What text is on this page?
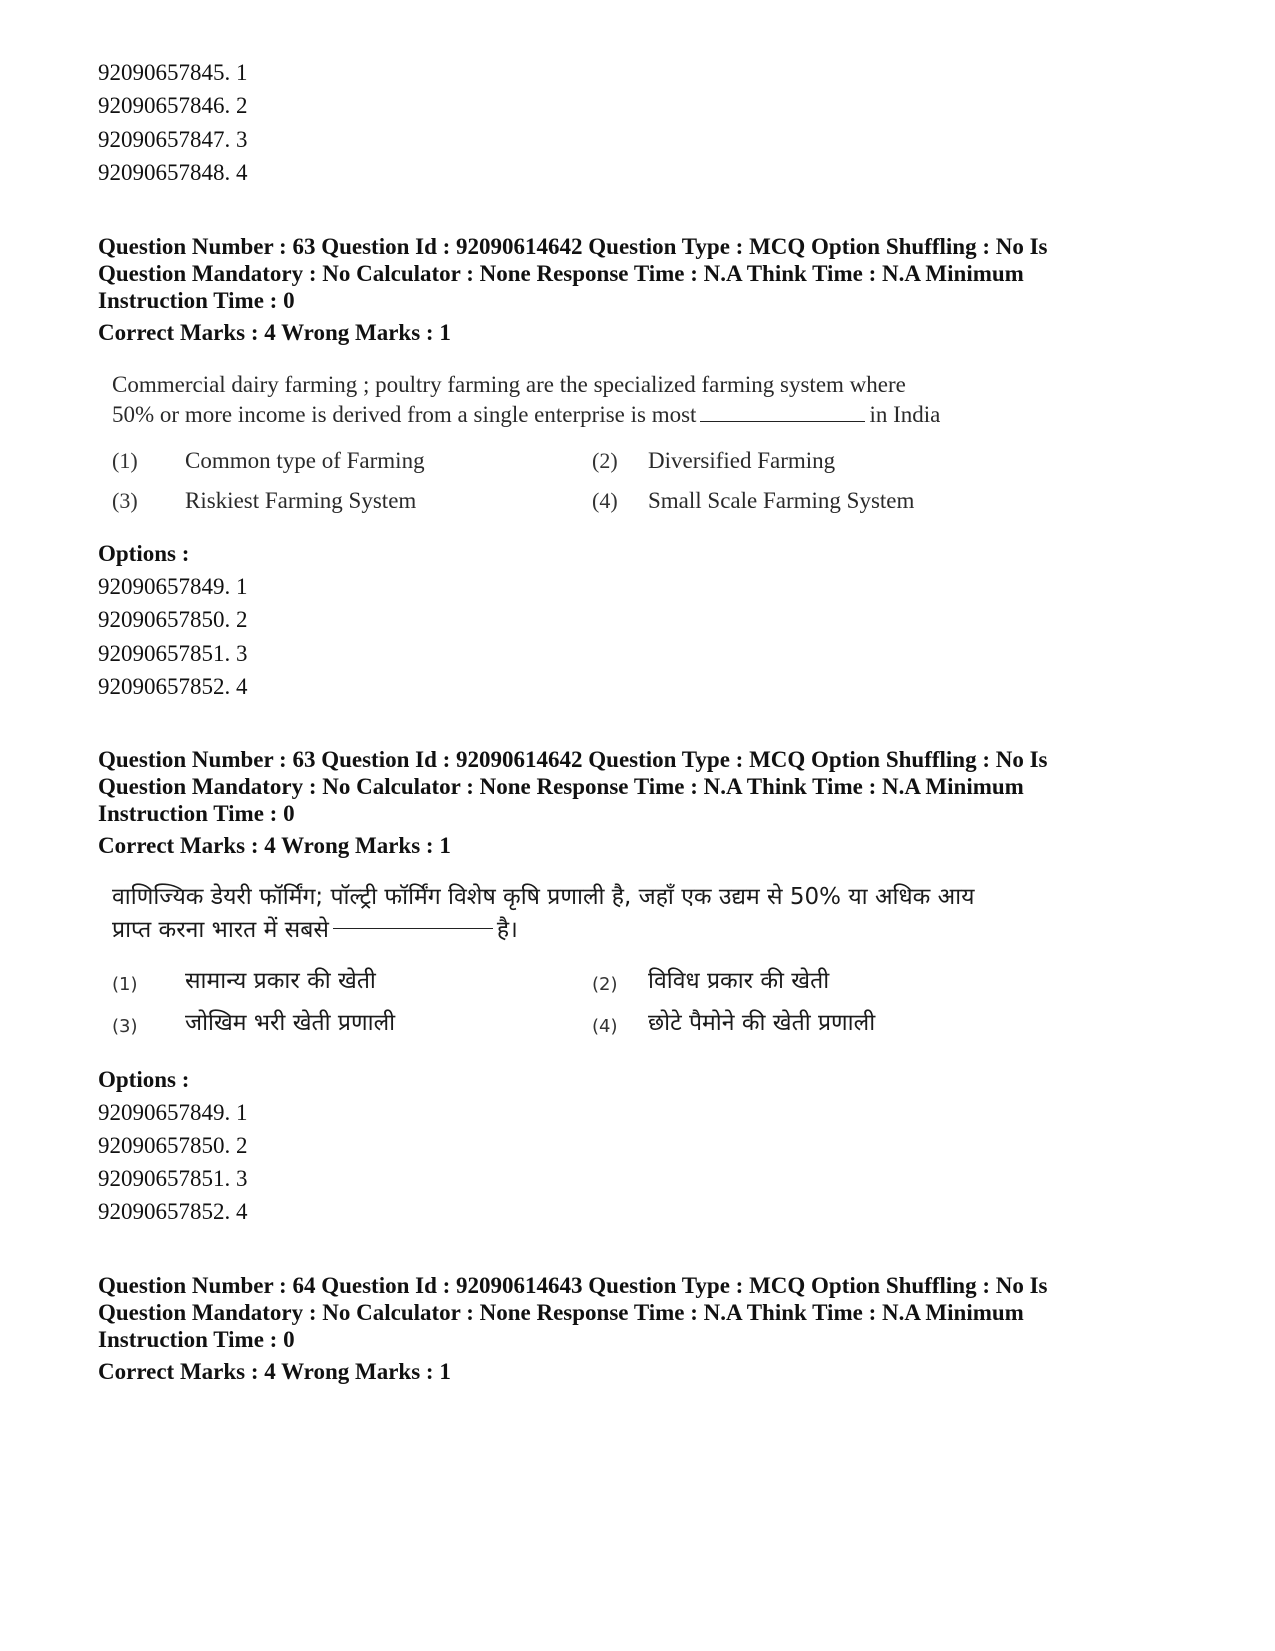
92090657845. 1
92090657846. 2
92090657847. 3
92090657848. 4
Question Number : 63 Question Id : 92090614642 Question Type : MCQ Option Shuffling : No Is
Question Mandatory : No Calculator : None Response Time : N.A Think Time : N.A Minimum
Instruction Time : 0
Correct Marks : 4 Wrong Marks : 1
Commercial dairy farming ; poultry farming are the specialized farming system where
50% or more income is derived from a single enterprise is most	in India
(1) Common type of Farming	(2) Diversified Farming
(3) Riskiest Farming System	(4) Small Scale Farming System
Options :
92090657849. 1
92090657850. 2
92090657851. 3
92090657852. 4
Question Number : 63 Question Id : 92090614642 Question Type : MCQ Option Shuffling : No Is
Question Mandatory : No Calculator : None Response Time : N.A Think Time : N.A Minimum
Instruction Time : 0
Correct Marks : 4 Wrong Marks : 1
वाणिज्यिक डेयरी फॉर्मिंग; पॉल्ट्री फॉर्मिंग विशेष कृषि प्रणाली है, जहाँ एक उद्यम से 50% या अधिक आय
प्राप्त करना भारत में सबसे	है।
(1) सामान्य प्रकार की खेती	(2) विविध प्रकार की खेती
(3) जोखिम भरी खेती प्रणाली	(4) छोटे पैमोने की खेती प्रणाली
Options :
92090657849. 1
92090657850. 2
92090657851. 3
92090657852. 4
Question Number : 64 Question Id : 92090614643 Question Type : MCQ Option Shuffling : No Is
Question Mandatory : No Calculator : None Response Time : N.A Think Time : N.A Minimum
Instruction Time : 0
Correct Marks : 4 Wrong Marks : 1
